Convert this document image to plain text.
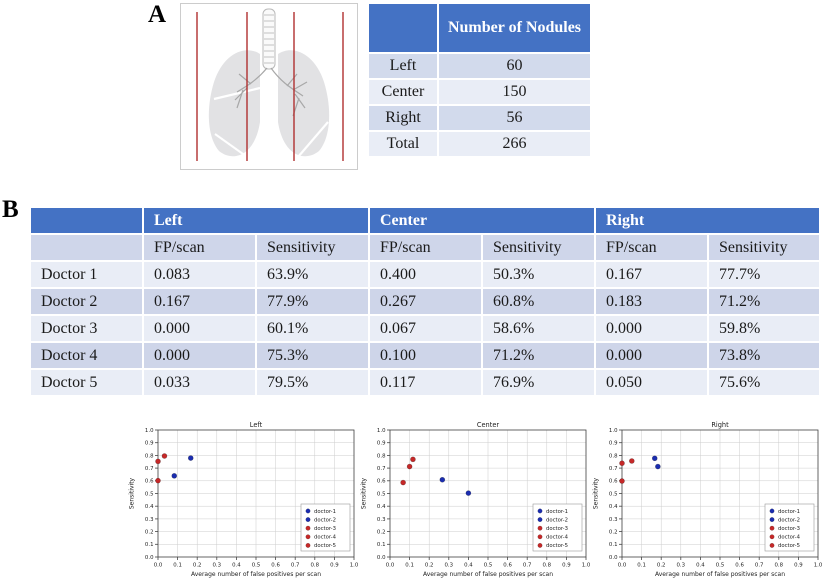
A
		Number of Nodules
Left	60
Center	150
Right	56
Total	266
B
		Left		Center		Right	
	FP/scan	Sensitivity	FP/scan	Sensitivity	FP/scan	Sensitivity
Doctor 1	0.083	63.9%	0.400	50.3%	0.167	77.7%
Doctor 2	0.167	77.9%	0.267	60.8%	0.183	71.2%
Doctor 3	0.000	60.1%	0.067	58.6%	0.000	59.8%
Doctor 4	0.000	75.3%	0.100	71.2%	0.000	73.8%
Doctor 5	0.033	79.5%	0.117	76.9%	0.050	75.6%
0.0 0.1 0.2 0.3 0.4 0.5 0.6 0.7 0.8 0.9 1.0
0.0
0.1
0.2
0.3
0.4
0.5
0.6
0.7
0.8
0.9
1.0
Left
Average number of false positives per scan
Sensitivity
doctor-1
doctor-2
doctor-3
doctor-4
doctor-5
0.0 0.1 0.2 0.3 0.4 0.5 0.6 0.7 0.8 0.9 1.0
0.0
0.1
0.2
0.3
0.4
0.5
0.6
0.7
0.8
0.9
1.0
Center
Average number of false positives per scan
Sensitivity
doctor-1
doctor-2
doctor-3
doctor-4
doctor-5
0.0 0.1 0.2 0.3 0.4 0.5 0.6 0.7 0.8 0.9 1.0
0.0
0.1
0.2
0.3
0.4
0.5
0.6
0.7
0.8
0.9
1.0
Right
Average number of false positives per scan
Sensitivity
doctor-1
doctor-2
doctor-3
doctor-4
doctor-5
